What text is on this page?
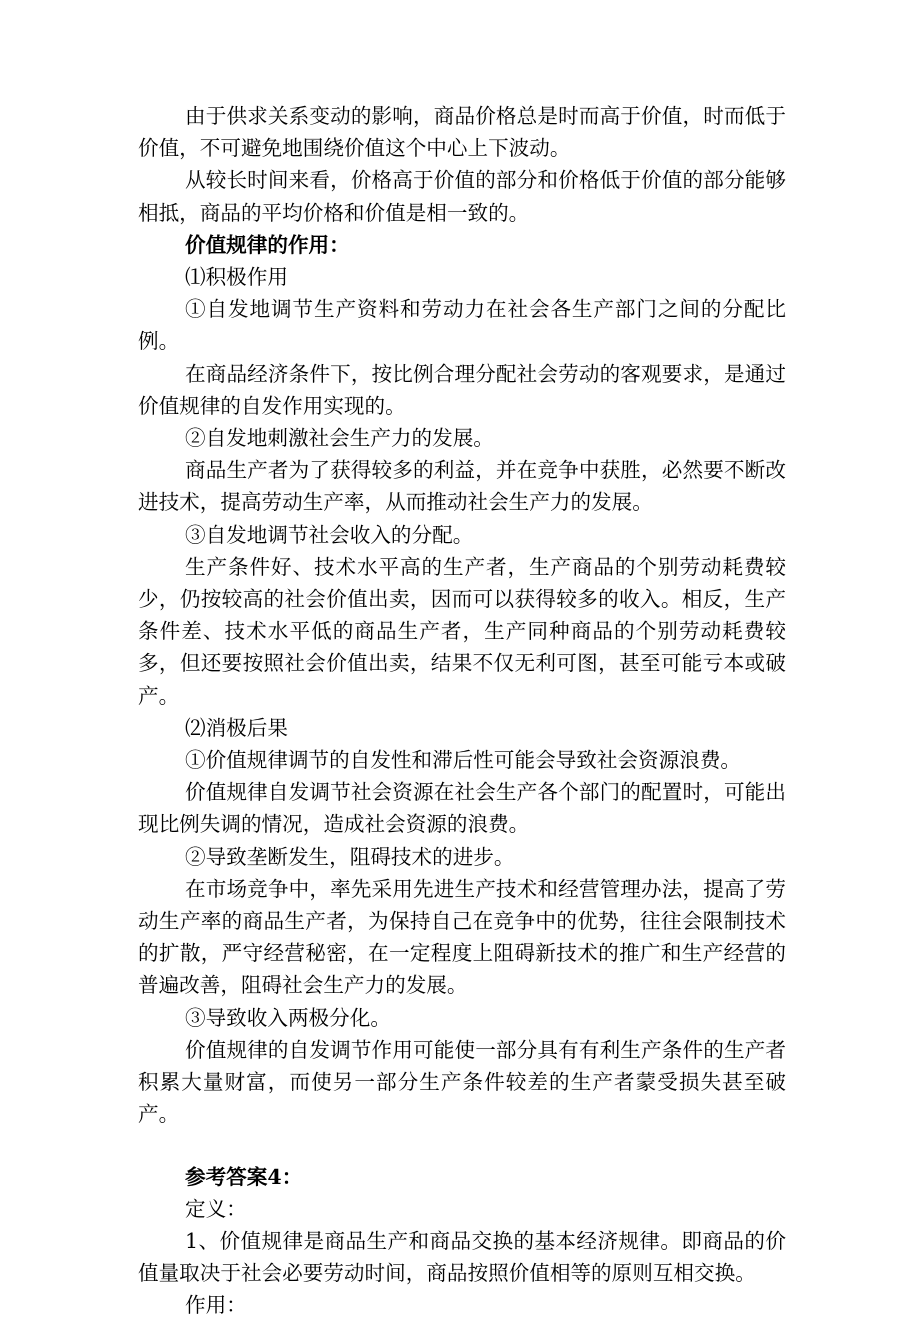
由于供求关系变动的影响，商品价格总是时而高于价值，时而低于价值，不可避免地围绕价值这个中心上下波动。

从较长时间来看，价格高于价值的部分和价格低于价值的部分能够相抵，商品的平均价格和价值是相一致的。

价值规律的作用：

⑴积极作用

①自发地调节生产资料和劳动力在社会各生产部门之间的分配比例。

在商品经济条件下，按比例合理分配社会劳动的客观要求，是通过价值规律的自发作用实现的。

②自发地刺激社会生产力的发展。

商品生产者为了获得较多的利益，并在竞争中获胜，必然要不断改进技术，提高劳动生产率，从而推动社会生产力的发展。

③自发地调节社会收入的分配。

生产条件好、技术水平高的生产者，生产商品的个别劳动耗费较少，仍按较高的社会价值出卖，因而可以获得较多的收入。相反，生产条件差、技术水平低的商品生产者，生产同种商品的个别劳动耗费较多，但还要按照社会价值出卖，结果不仅无利可图，甚至可能亏本或破产。

⑵消极后果

①价值规律调节的自发性和滞后性可能会导致社会资源浪费。

价值规律自发调节社会资源在社会生产各个部门的配置时，可能出现比例失调的情况，造成社会资源的浪费。

②导致垄断发生，阻碍技术的进步。

在市场竞争中，率先采用先进生产技术和经营管理办法，提高了劳动生产率的商品生产者，为保持自己在竞争中的优势，往往会限制技术的扩散，严守经营秘密，在一定程度上阻碍新技术的推广和生产经营的普遍改善，阻碍社会生产力的发展。

③导致收入两极分化。

价值规律的自发调节作用可能使一部分具有有利生产条件的生产者积累大量财富，而使另一部分生产条件较差的生产者蒙受损失甚至破产。

参考答案4：

定义：

1、价值规律是商品生产和商品交换的基本经济规律。即商品的价值量取决于社会必要劳动时间，商品按照价值相等的原则互相交换。

作用：
